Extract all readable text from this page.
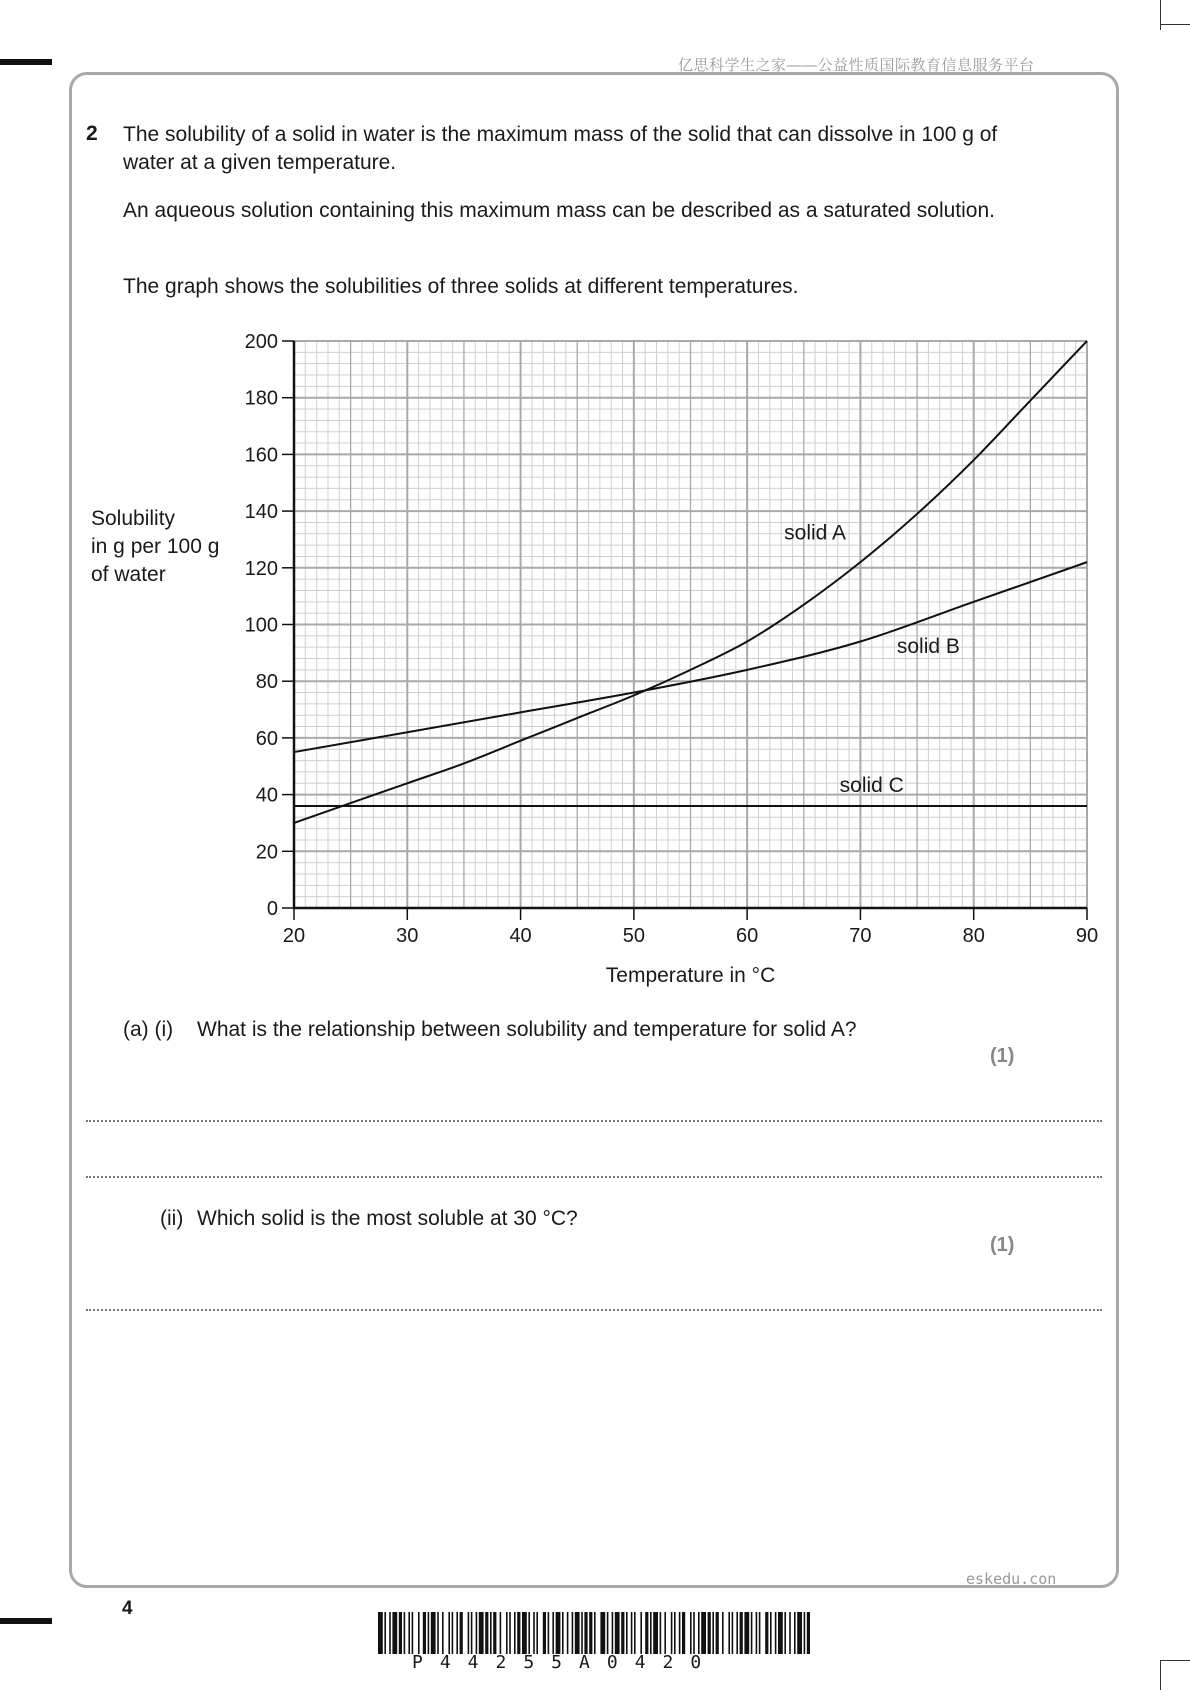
亿思科学生之家——公益性质国际教育信息服务平台
2 The solubility of a solid in water is the maximum mass of the solid that can dissolve in 100 g of water at a given temperature.
An aqueous solution containing this maximum mass can be described as a saturated solution.
The graph shows the solubilities of three solids at different temperatures.
Solubility
in g per 100 g
of water
0
20
40
60
80
100
120
140
160
180
200
20	30	40	50	60	70	80	90
Temperature in °C
solid A
solid B
solid C
(a) (i)	What is the relationship between solubility and temperature for solid A?
(1)
(ii) Which solid is the most soluble at 30 °C?
(1)
eskedu.con
4
P44255A0420
